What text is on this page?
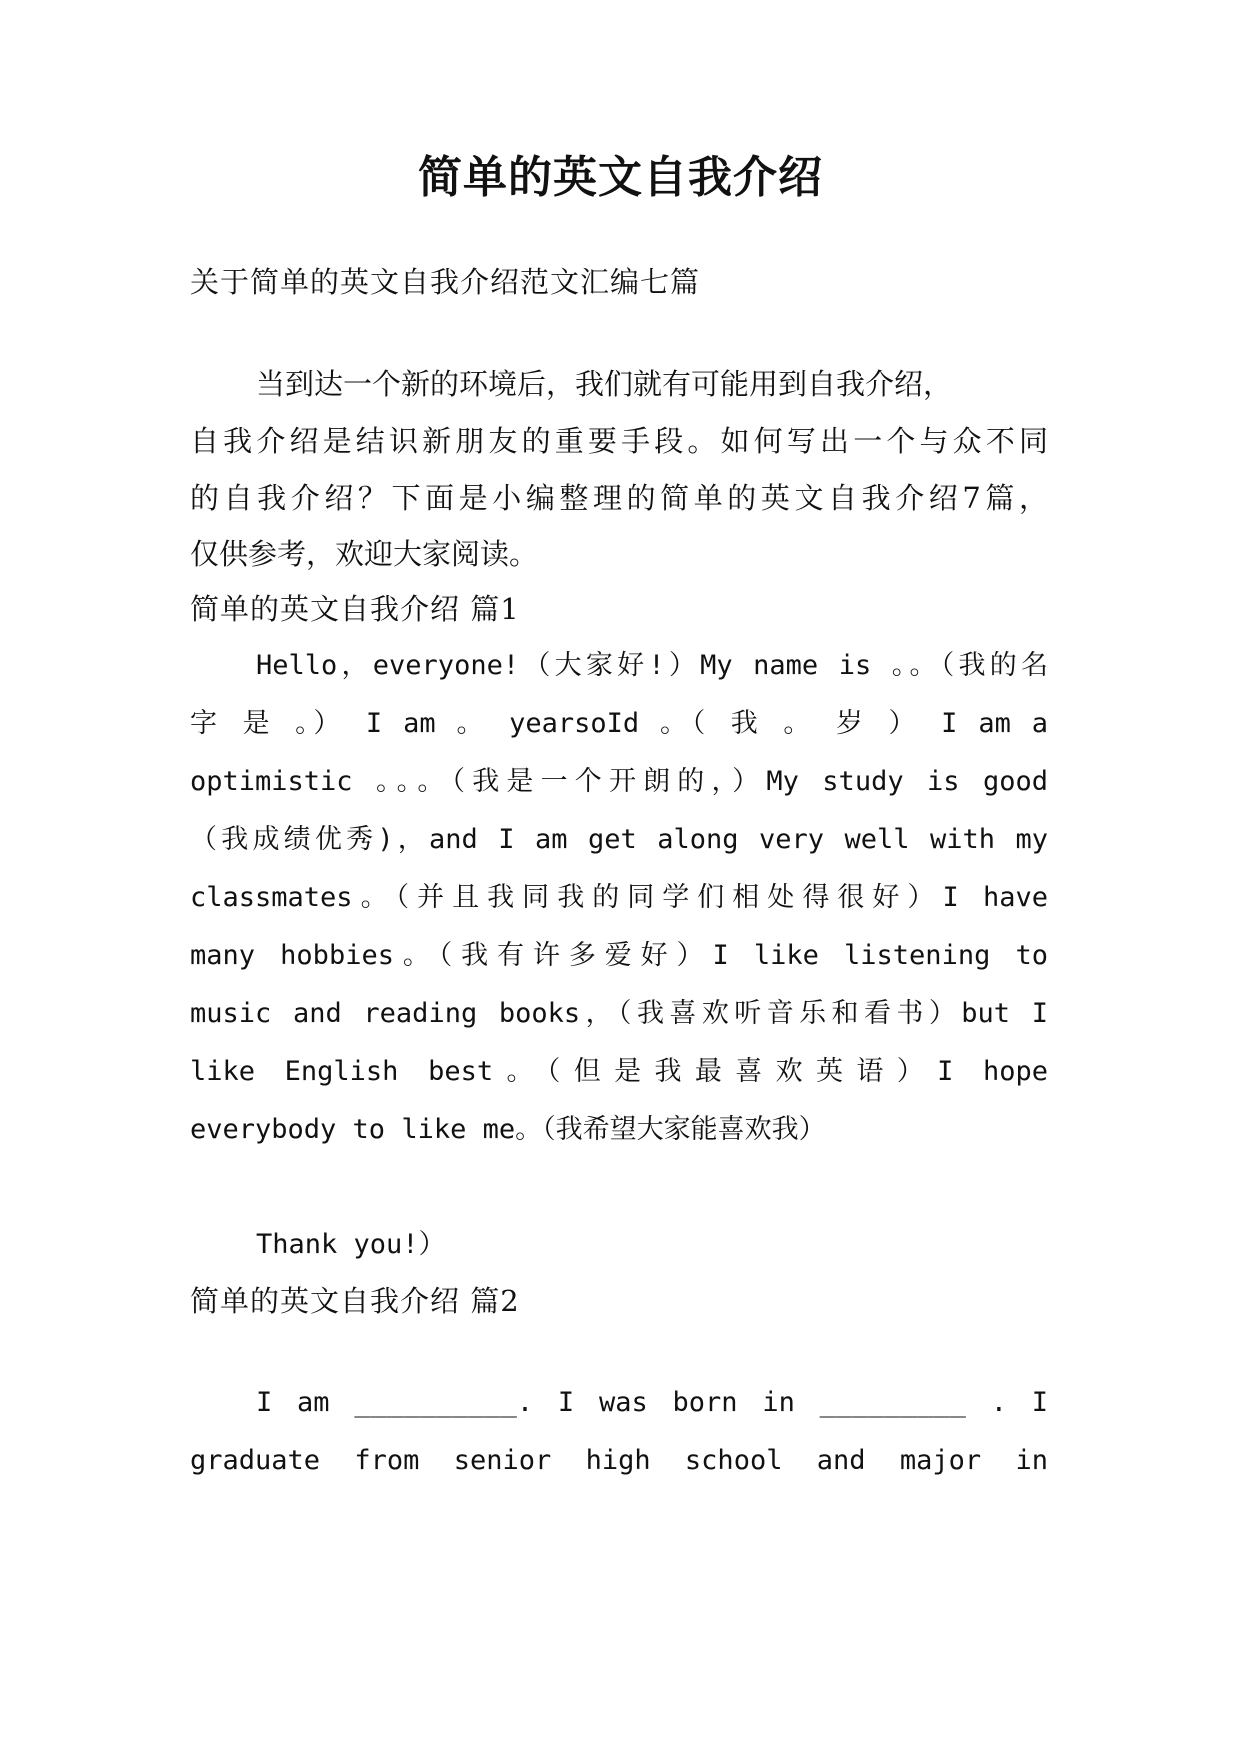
简单的英文自我介绍
关于简单的英文自我介绍范文汇编七篇
当到达一个新的环境后，我们就有可能用到自我介绍，
自我介绍是结识新朋友的重要手段。如何写出一个与众不同
的自我介绍？下面是小编整理的简单的英文自我介绍7篇，
仅供参考，欢迎大家阅读。
简单的英文自我介绍 篇1
Hello，everyone!（大家好!）My name is 。。（我的名
字 是 。） I am 。 yearsoId 。（ 我 。 岁 ） I am a
optimistic 。。。（我是一个开朗的，）My study is good
（我成绩优秀)，and I am get along very well with my
classmates。（并且我同我的同学们相处得很好）I have
many hobbies。（我有许多爱好）I like listening to
music and reading books，（我喜欢听音乐和看书）but I
like English best。（但是我最喜欢英语）I hope
everybody to like me。（我希望大家能喜欢我）
Thank you!）
简单的英文自我介绍 篇2
I am __________. I was born in _________ . I
graduate from senior high school and major in
